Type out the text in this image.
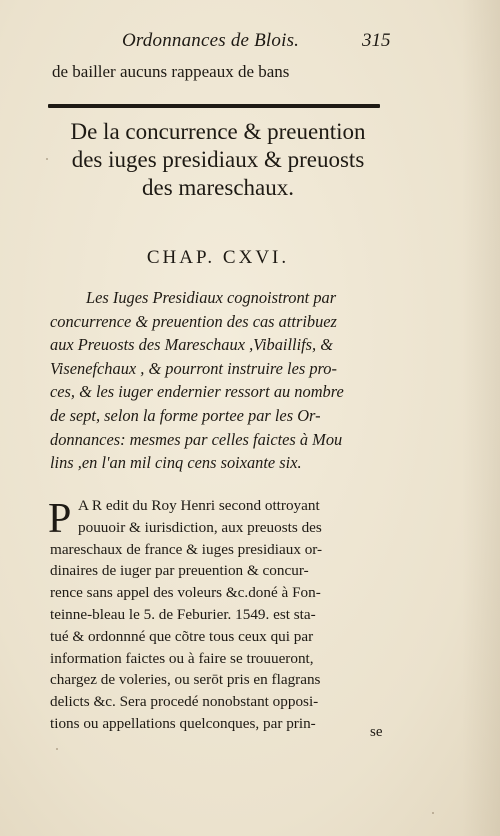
Ordonnances de Blois.	315
de bailler aucuns rappeaux de bans
De la concurrence & preuention
des iuges presidiaux & preuosts
des mareschaux.
CHAP. CXVI.

Les Iuges Presidiaux cognoistront par
concurrence & preuention des cas attribuez
aux Preuosts des Mareschaux ,Vibaillifs, &
Visenefchaux , & pourront instruire les pro-
ces, & les iuger endernier ressort au nombre
de sept, selon la forme portee par les Or-
donnances: mesmes par celles faictes à Mou
lins ,en l'an mil cinq cens soixante six.

P A R edit du Roy Henri second ottroyant
pouuoir & iurisdiction, aux preuosts des
mareschaux de france & iuges presidiaux or-
dinaires de iuger par preuention & concur-
rence sans appel des voleurs &c.doné à Fon-
teinne-bleau le 5. de Feburier. 1549. est sta-
tué & ordonnné que cõtre tous ceux qui par
information faictes ou à faire se trouueront,
chargez de voleries, ou serōt pris en flagrans
delicts &c. Sera procedé nonobstant opposi-
tions ou appellations quelconques, par prin-

se
